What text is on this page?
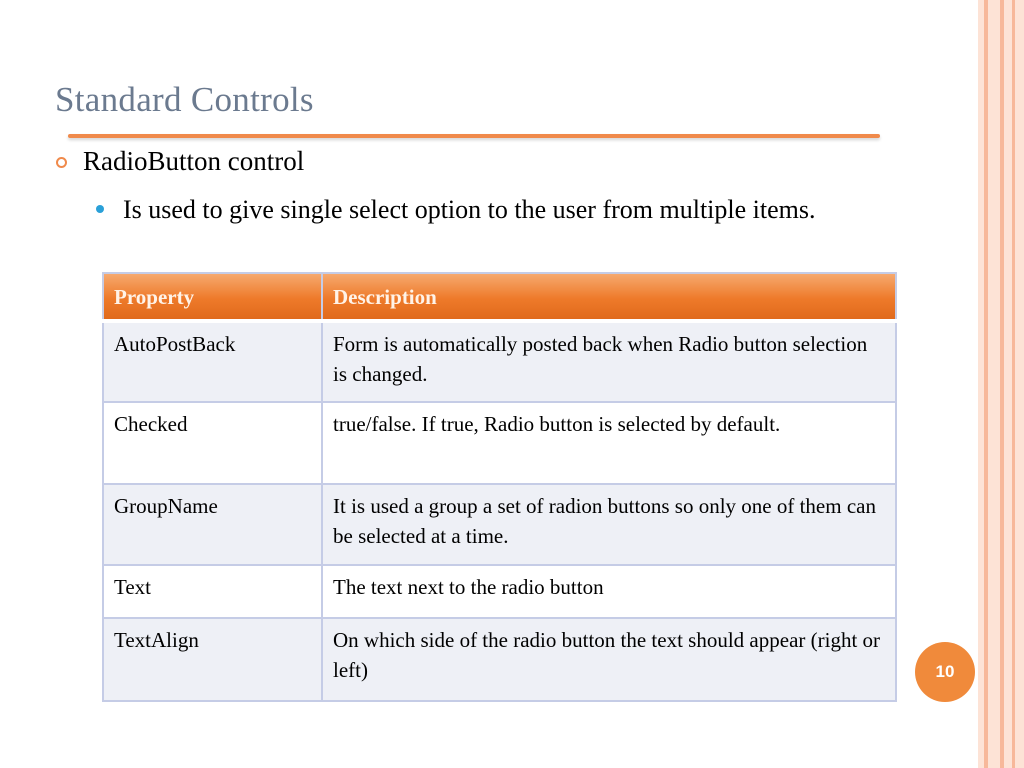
Standard Controls
RadioButton control
Is used to give single select option to the user from multiple items.
Property	Description
AutoPostBack	Form is automatically posted back when Radio button selection is changed.
Checked	true/false. If true, Radio button is selected by default.
GroupName	It is used a group a set of radion buttons so only one of them can be selected at a time.
Text	The text next to the radio button
TextAlign	On which side of the radio button the text should appear (right or left)	10
